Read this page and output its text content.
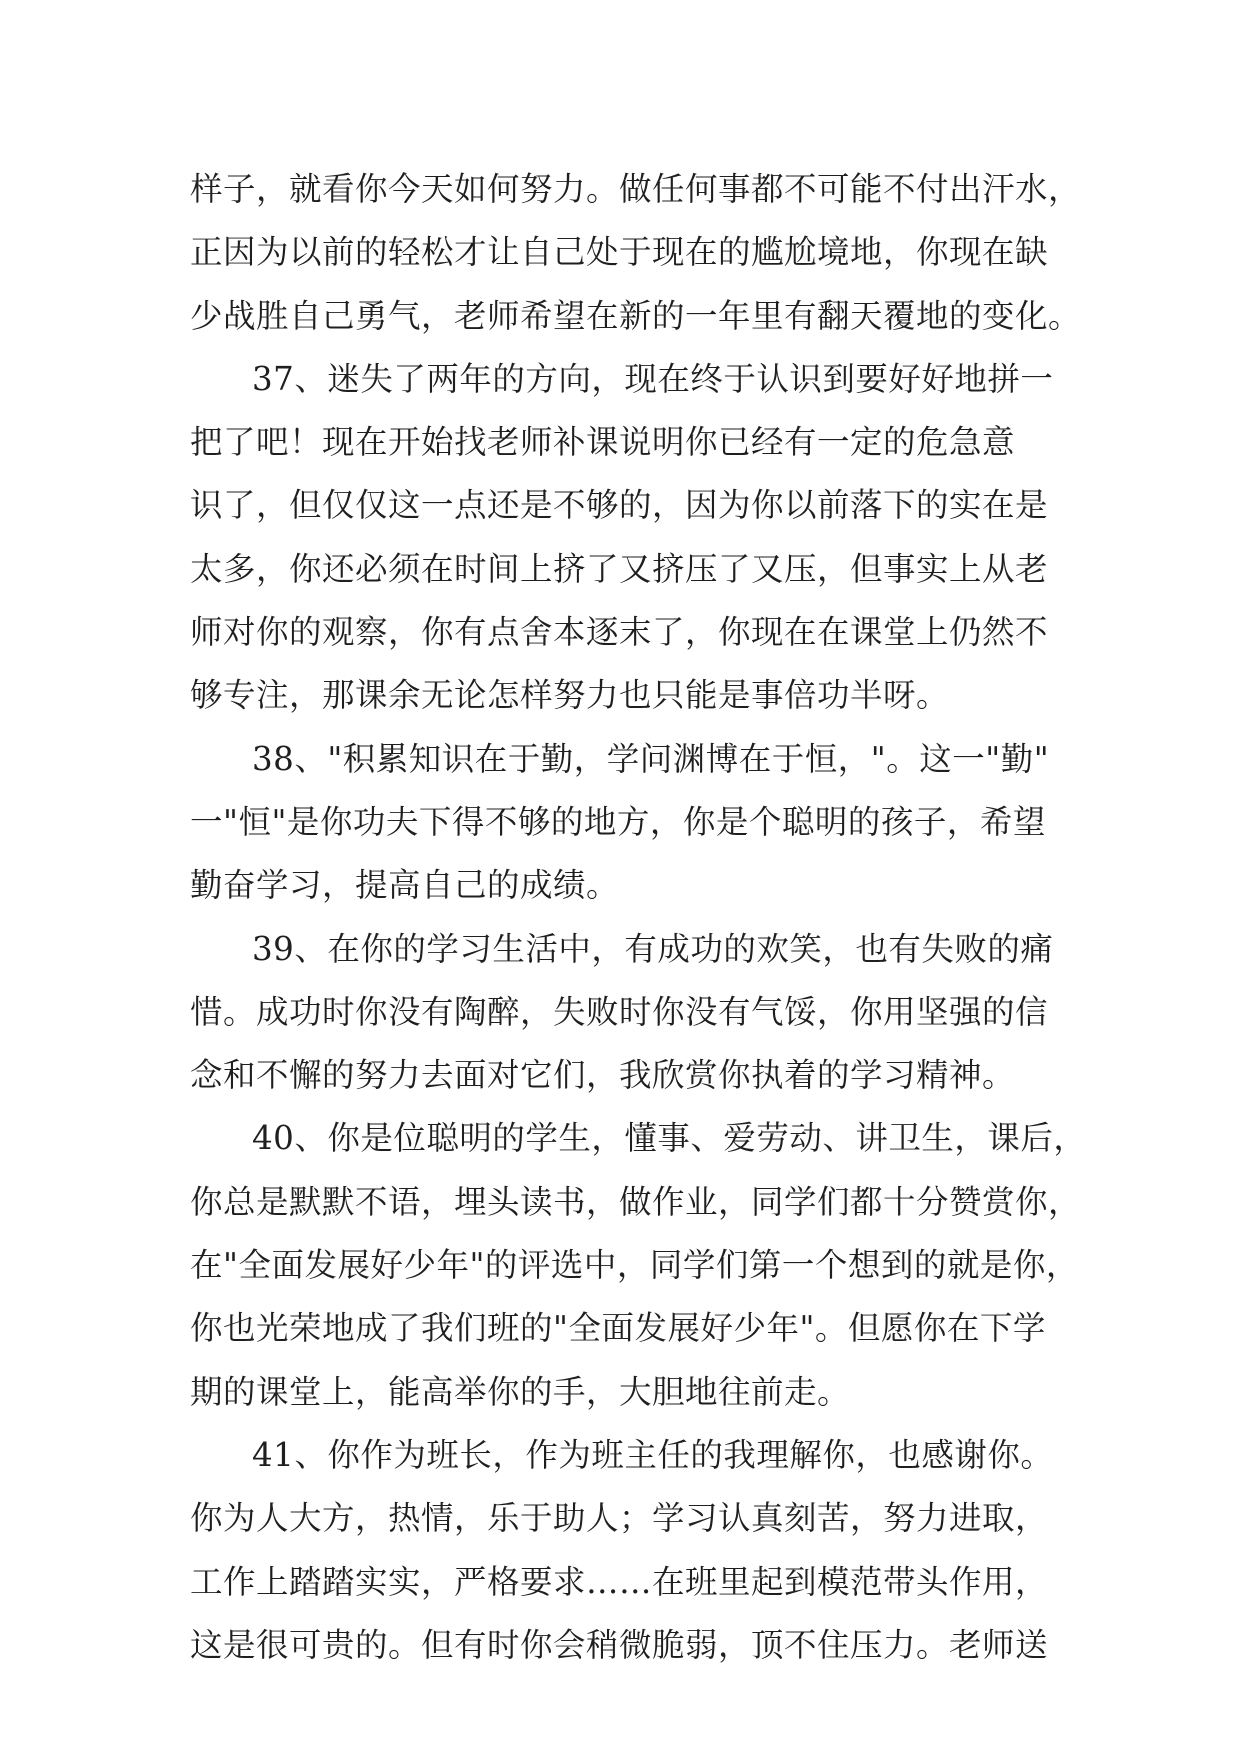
样子，就看你今天如何努力。做任何事都不可能不付出汗水，
正因为以前的轻松才让自己处于现在的尴尬境地，你现在缺
少战胜自己勇气，老师希望在新的一年里有翻天覆地的变化。
37、迷失了两年的方向，现在终于认识到要好好地拼一
把了吧！现在开始找老师补课说明你已经有一定的危急意
识了，但仅仅这一点还是不够的，因为你以前落下的实在是
太多，你还必须在时间上挤了又挤压了又压，但事实上从老
师对你的观察，你有点舍本逐末了，你现在在课堂上仍然不
够专注，那课余无论怎样努力也只能是事倍功半呀。
38、"积累知识在于勤，学问渊博在于恒，"。这一"勤"
一"恒"是你功夫下得不够的地方，你是个聪明的孩子，希望
勤奋学习，提高自己的成绩。
39、在你的学习生活中，有成功的欢笑，也有失败的痛
惜。成功时你没有陶醉，失败时你没有气馁，你用坚强的信
念和不懈的努力去面对它们，我欣赏你执着的学习精神。
40、你是位聪明的学生，懂事、爱劳动、讲卫生，课后，
你总是默默不语，埋头读书，做作业，同学们都十分赞赏你，
在"全面发展好少年"的评选中，同学们第一个想到的就是你，
你也光荣地成了我们班的"全面发展好少年"。但愿你在下学
期的课堂上，能高举你的手，大胆地往前走。
41、你作为班长，作为班主任的我理解你，也感谢你。
你为人大方，热情，乐于助人；学习认真刻苦，努力进取，
工作上踏踏实实，严格要求……在班里起到模范带头作用，
这是很可贵的。但有时你会稍微脆弱，顶不住压力。老师送
